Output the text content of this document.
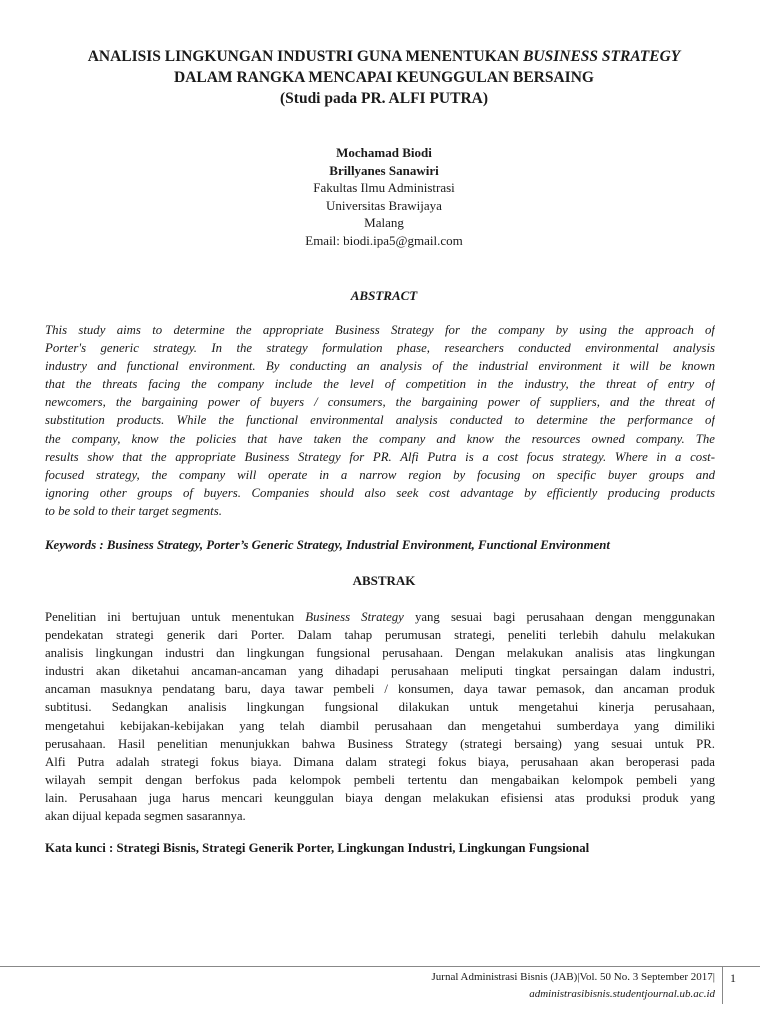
ANALISIS LINGKUNGAN INDUSTRI GUNA MENENTUKAN BUSINESS STRATEGY
DALAM RANGKA MENCAPAI KEUNGGULAN BERSAING
(Studi pada PR. ALFI PUTRA)
Mochamad Biodi
Brillyanes Sanawiri
Fakultas Ilmu Administrasi
Universitas Brawijaya
Malang
Email: biodi.ipa5@gmail.com
ABSTRACT
This study aims to determine the appropriate Business Strategy for the company by using the approach of
Porter's generic strategy. In the strategy formulation phase, researchers conducted environmental analysis
industry and functional environment. By conducting an analysis of the industrial environment it will be known
that the threats facing the company include the level of competition in the industry, the threat of entry of
newcomers, the bargaining power of buyers / consumers, the bargaining power of suppliers, and the threat of
substitution products. While the functional environmental analysis conducted to determine the performance of
the company, know the policies that have taken the company and know the resources owned company. The
results show that the appropriate Business Strategy for PR. Alfi Putra is a cost focus strategy. Where in a cost-
focused strategy, the company will operate in a narrow region by focusing on specific buyer groups and
ignoring other groups of buyers. Companies should also seek cost advantage by efficiently producing products
to be sold to their target segments.
Keywords : Business Strategy, Porter’s Generic Strategy, Industrial Environment, Functional Environment
ABSTRAK
Penelitian ini bertujuan untuk menentukan Business Strategy yang sesuai bagi perusahaan dengan menggunakan
pendekatan strategi generik dari Porter. Dalam tahap perumusan strategi, peneliti terlebih dahulu melakukan
analisis lingkungan industri dan lingkungan fungsional perusahaan. Dengan melakukan analisis atas lingkungan
industri akan diketahui ancaman-ancaman yang dihadapi perusahaan meliputi tingkat persaingan dalam industri,
ancaman masuknya pendatang baru, daya tawar pembeli / konsumen, daya tawar pemasok, dan ancaman produk
subtitusi. Sedangkan analisis lingkungan fungsional dilakukan untuk mengetahui kinerja perusahaan,
mengetahui kebijakan-kebijakan yang telah diambil perusahaan dan mengetahui sumberdaya yang dimiliki
perusahaan. Hasil penelitian menunjukkan bahwa Business Strategy (strategi bersaing) yang sesuai untuk PR.
Alfi Putra adalah strategi fokus biaya. Dimana dalam strategi fokus biaya, perusahaan akan beroperasi pada
wilayah sempit dengan berfokus pada kelompok pembeli tertentu dan mengabaikan kelompok pembeli yang
lain. Perusahaan juga harus mencari keunggulan biaya dengan melakukan efisiensi atas produksi produk yang
akan dijual kepada segmen sasarannya.
Kata kunci : Strategi Bisnis, Strategi Generik Porter, Lingkungan Industri, Lingkungan Fungsional
Jurnal Administrasi Bisnis (JAB)|Vol. 50 No. 3 September 2017|
administrasibisnis.studentjournal.ub.ac.id
1
